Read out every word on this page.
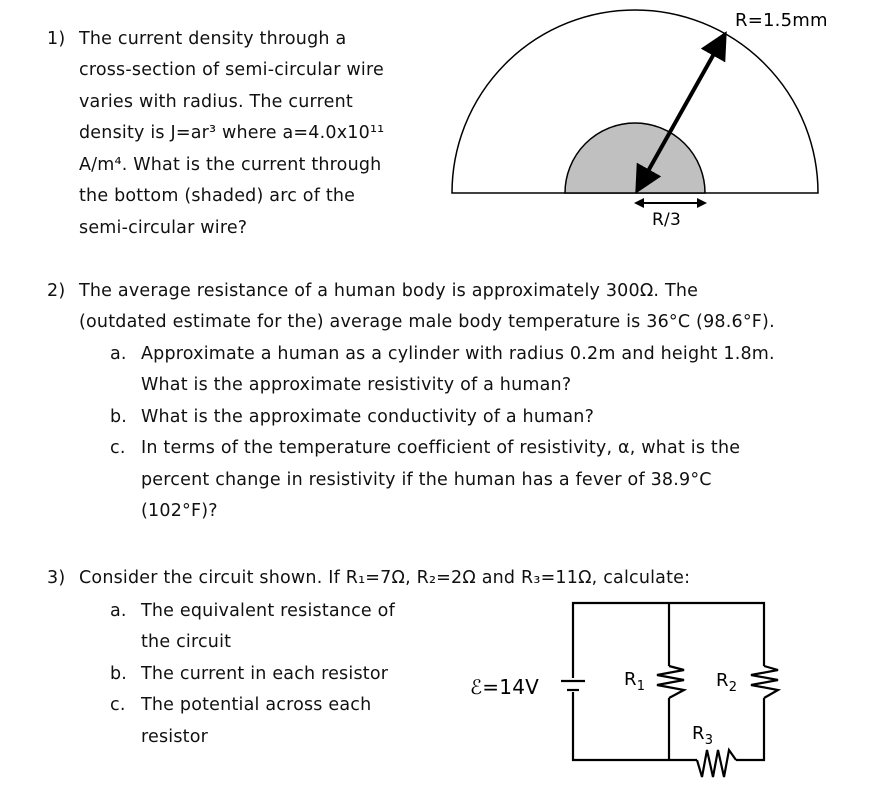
1) The current density through a
cross-section of semi-circular wire
varies with radius. The current
density is J=ar³ where a=4.0x10¹¹
A/m⁴. What is the current through
the bottom (shaded) arc of the
semi-circular wire?
R=1.5mm
R/3
2) The average resistance of a human body is approximately 300Ω. The
(outdated estimate for the) average male body temperature is 36°C (98.6°F).
a. Approximate a human as a cylinder with radius 0.2m and height 1.8m.
What is the approximate resistivity of a human?
b. What is the approximate conductivity of a human?
c. In terms of the temperature coefficient of resistivity, α, what is the
percent change in resistivity if the human has a fever of 38.9°C
(102°F)?
3) Consider the circuit shown. If R₁=7Ω, R₂=2Ω and R₃=11Ω, calculate:
a. The equivalent resistance of
the circuit
b. The current in each resistor
c. The potential across each
resistor
ℰ=14V	$R_1$	$R_2$
$R_3$
